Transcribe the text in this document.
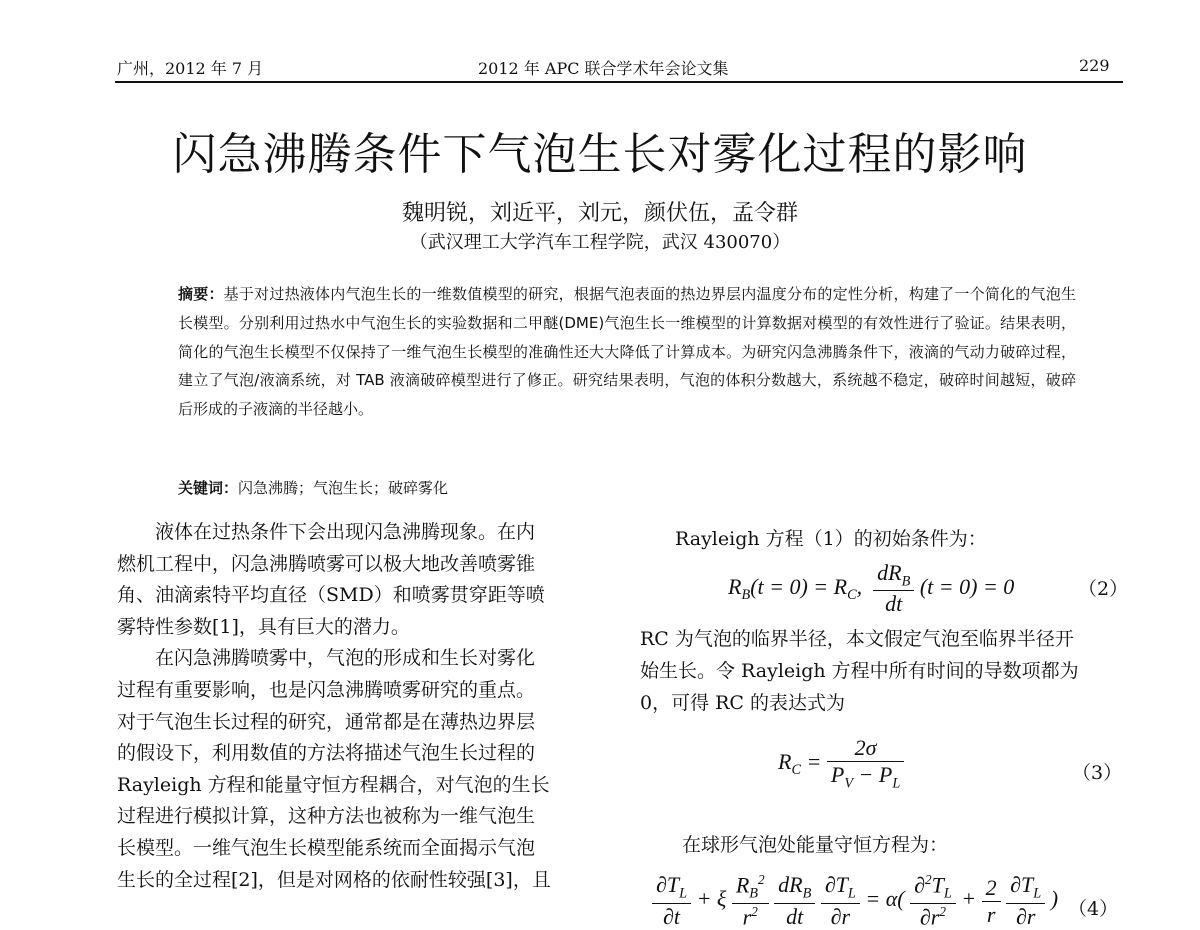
广州，2012 年 7 月	2012 年 APC 联合学术年会论文集	229
闪急沸腾条件下气泡生长对雾化过程的影响
魏明锐，刘近平，刘元，颜伏伍，孟令群
（武汉理工大学汽车工程学院，武汉 430070）

摘要：基于对过热液体内气泡生长的一维数值模型的研究，根据气泡表面的热边界层内温度分布的定性分析，构建了一个简化的气泡生长模型。分别利用过热水中气泡生长的实验数据和二甲醚(DME)气泡生长一维模型的计算数据对模型的有效性进行了验证。结果表明，简化的气泡生长模型不仅保持了一维气泡生长模型的准确性还大大降低了计算成本。为研究闪急沸腾条件下，液滴的气动力破碎过程，建立了气泡/液滴系统，对 TAB 液滴破碎模型进行了修正。研究结果表明，气泡的体积分数越大，系统越不稳定，破碎时间越短，破碎后形成的子液滴的半径越小。

关键词：闪急沸腾；气泡生长；破碎雾化
　　液体在过热条件下会出现闪急沸腾现象。在内
燃机工程中，闪急沸腾喷雾可以极大地改善喷雾锥
角、油滴索特平均直径（SMD）和喷雾贯穿距等喷
雾特性参数[1]，具有巨大的潜力。
　　在闪急沸腾喷雾中，气泡的形成和生长对雾化
过程有重要影响，也是闪急沸腾喷雾研究的重点。
对于气泡生长过程的研究，通常都是在薄热边界层
的假设下，利用数值的方法将描述气泡生长过程的
Rayleigh 方程和能量守恒方程耦合，对气泡的生长
过程进行模拟计算，这种方法也被称为一维气泡生
长模型。一维气泡生长模型能系统而全面揭示气泡
生长的全过程[2]，但是对网格的依耐性较强[3]，且
Rayleigh 方程（1）的初始条件为：
$R_B(t = 0) = R_C$, $\frac{dR_B}{dt} (t = 0) = 0$	（2）
RC 为气泡的临界半径，本文假定气泡至临界半径开
始生长。令 Rayleigh 方程中所有时间的导数项都为
0，可得 RC 的表达式为
$R_C = \frac{2\sigma}{P_V - P_L}$	（3）
在球形气泡处能量守恒方程为：
$\frac{\partial T_L}{\partial t} + \xi \frac{R_B^2}{r^2}$
$\frac{dR_B}{dt}$
$\frac{\partial T_L}{\partial r} = \alpha( \frac{\partial^2T_L}{\partial r^2} + \frac{2}{r}$
$\frac{\partial T_L}{\partial r}$ ) （4）
